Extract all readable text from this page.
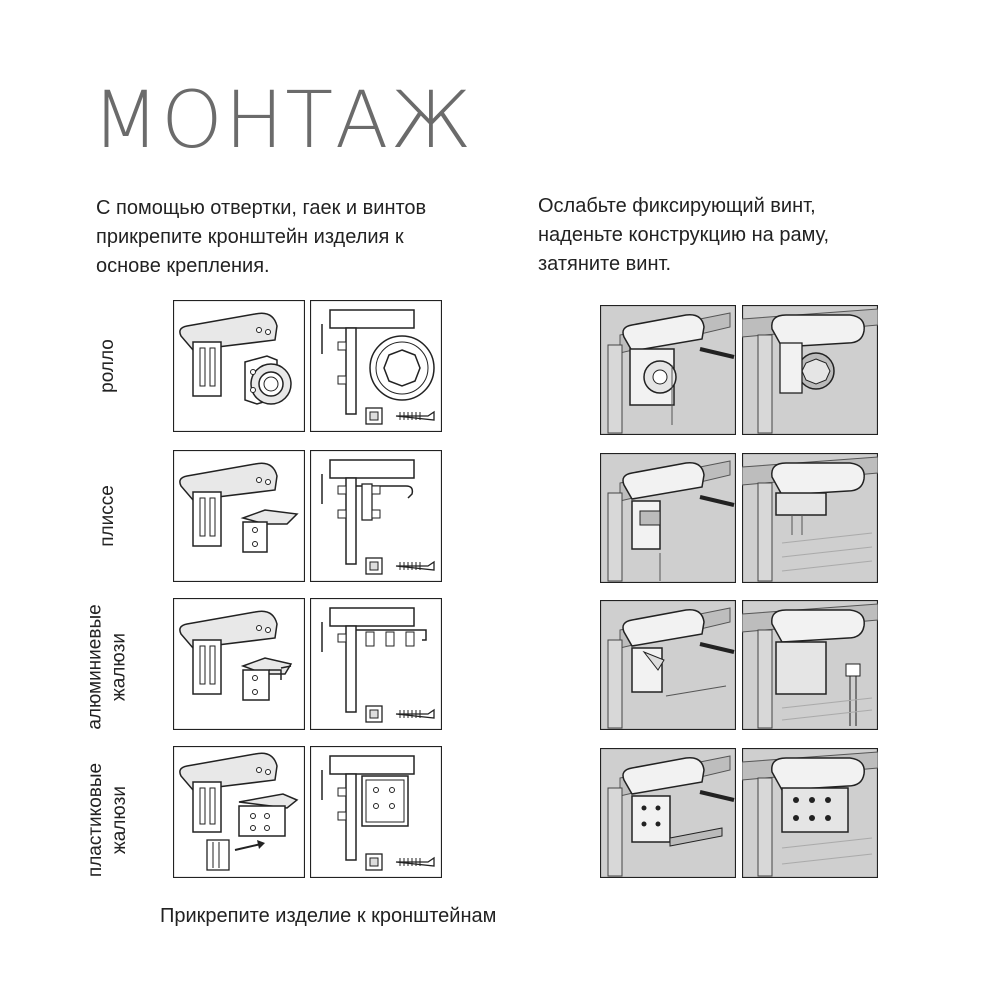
МОНТАЖ
С помощью отвертки, гаек и винтов
прикрепите кронштейн изделия к
основе крепления.
Ослабьте фиксирующий винт,
наденьте конструкцию на раму,
затяните винт.
ролло
плиссе
алюминиевые жалюзи
пластиковые жалюзи
Прикрепите изделие к кронштейнам
